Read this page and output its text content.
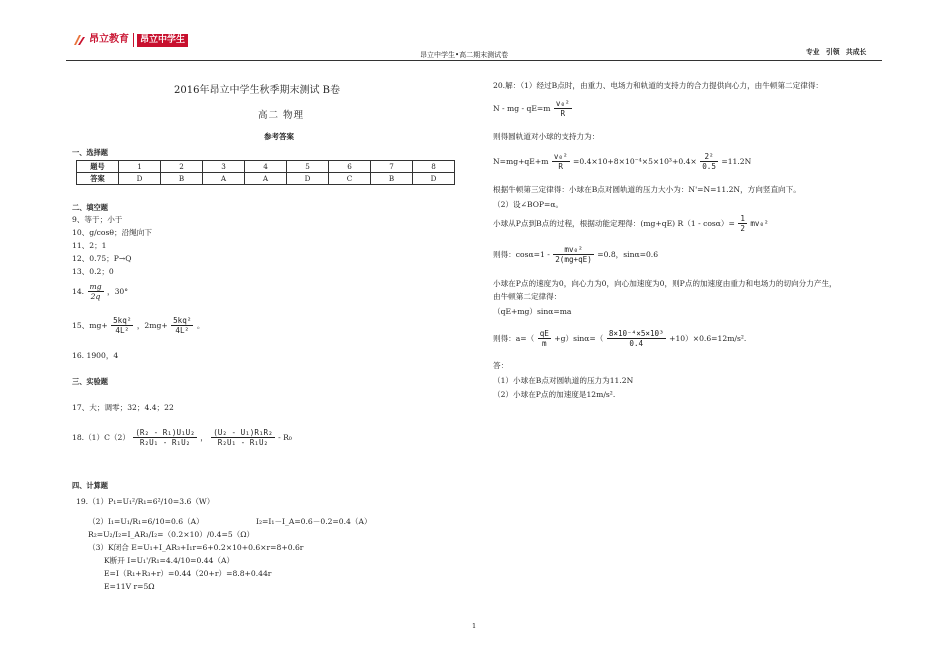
昂立教育	昂立中学生
昂立中学生•高二期末测试卷	专业 引领 共成长
2016年昂立中学生秋季期末测试 B卷
高二 物理
参考答案
一、选择题
题号	1	2	3	4	5	6	7	8
答案	D	B	A	A	D	C	B	D
二、填空题
9、等于；小于
10、g/cosθ；沿绳向下
11、2；1
12、0.75；P→Q
13、0.2；0
14. $\frac{mg}{2q}$ ，30°
15、$mg+ \frac{\text{5kq²}}{\text{4L²}}$ ，$2mg+ \frac{\text{5kq²}}{\text{4L²}}$ 。
16. 1900，4
三、实验题
17、大；调零；32；4.4；22
$18.(1)C(2) \frac{\text{(R₂ - R₁)U₁U₂}}{\text{R₂U₁ - R₁U₂}}$ ， $\frac{\text{(U₂ - U₁)R₁R₂}}{\text{R₂U₁ - R₁U₂}} - R_0$
四、计算题
19.（1）P₁=U₁²/R₁=6²/10=3.6（W）
（2）I₁=U₁/R₁=6/10=0.6（A）	I₂=I₁－I_A=0.6－0.2=0.4（A）
R₂=U₂/I₂=I_AR₃/I₂=（0.2×10）/0.4=5（Ω）
（3）K闭合 E=U₁+I_AR₃+I₁r=6+0.2×10+0.6×r=8+0.6r
K断开 I=U₁'/R₁=4.4/10=0.44（A）
E=I（R₁+R₃+r）=0.44（20+r）=8.8+0.44r
E=11V r=5Ω
20.解：（1）经过B点时，由重力、电场力和轨道的支持力的合力提供向心力，由牛顿第二定律得：
N - mg - $qE=m \frac{\text{v₀²}}{R}$
则得圆轨道对小球的支持力为：
$N=mg+qE+m \frac{\text{v₀²}}{R} =0.4\times 10+8\times 10^{-4}\times 5\times 10^3+0.4\times \frac{\text{2²}}{0.5} =11.2N$
根据牛顿第三定律得：小球在B点对圆轨道的压力大小为：N'=N=11.2N，方向竖直向下。
（2）设∠BOP=α。
小球从P点到B点的过程，根据动能定理得：(mg+qE) $R(1 - \cos\alpha)= \frac{1}{2} mv_0^2$
则得：$\cos\alpha=1 - \frac{\text{mv₀²}}{2(mg+qE)} =0.8$，sinα=0.6
小球在P点的速度为0，向心力为0，向心加速度为0，则P点的加速度由重力和电场力的切向分力产生，
由牛顿第二定律得：
（qE+mg）sinα=ma
则得：$a=( \frac{qE}{m} +g)\sin\alpha=( \frac{\text{8×10⁻⁴×5×10³}}{0.4} +10)\times 0.6=12m/s^2$.
答：
（1）小球在B点对圆轨道的压力为11.2N
（2）小球在P点的加速度是12m/s².
1
